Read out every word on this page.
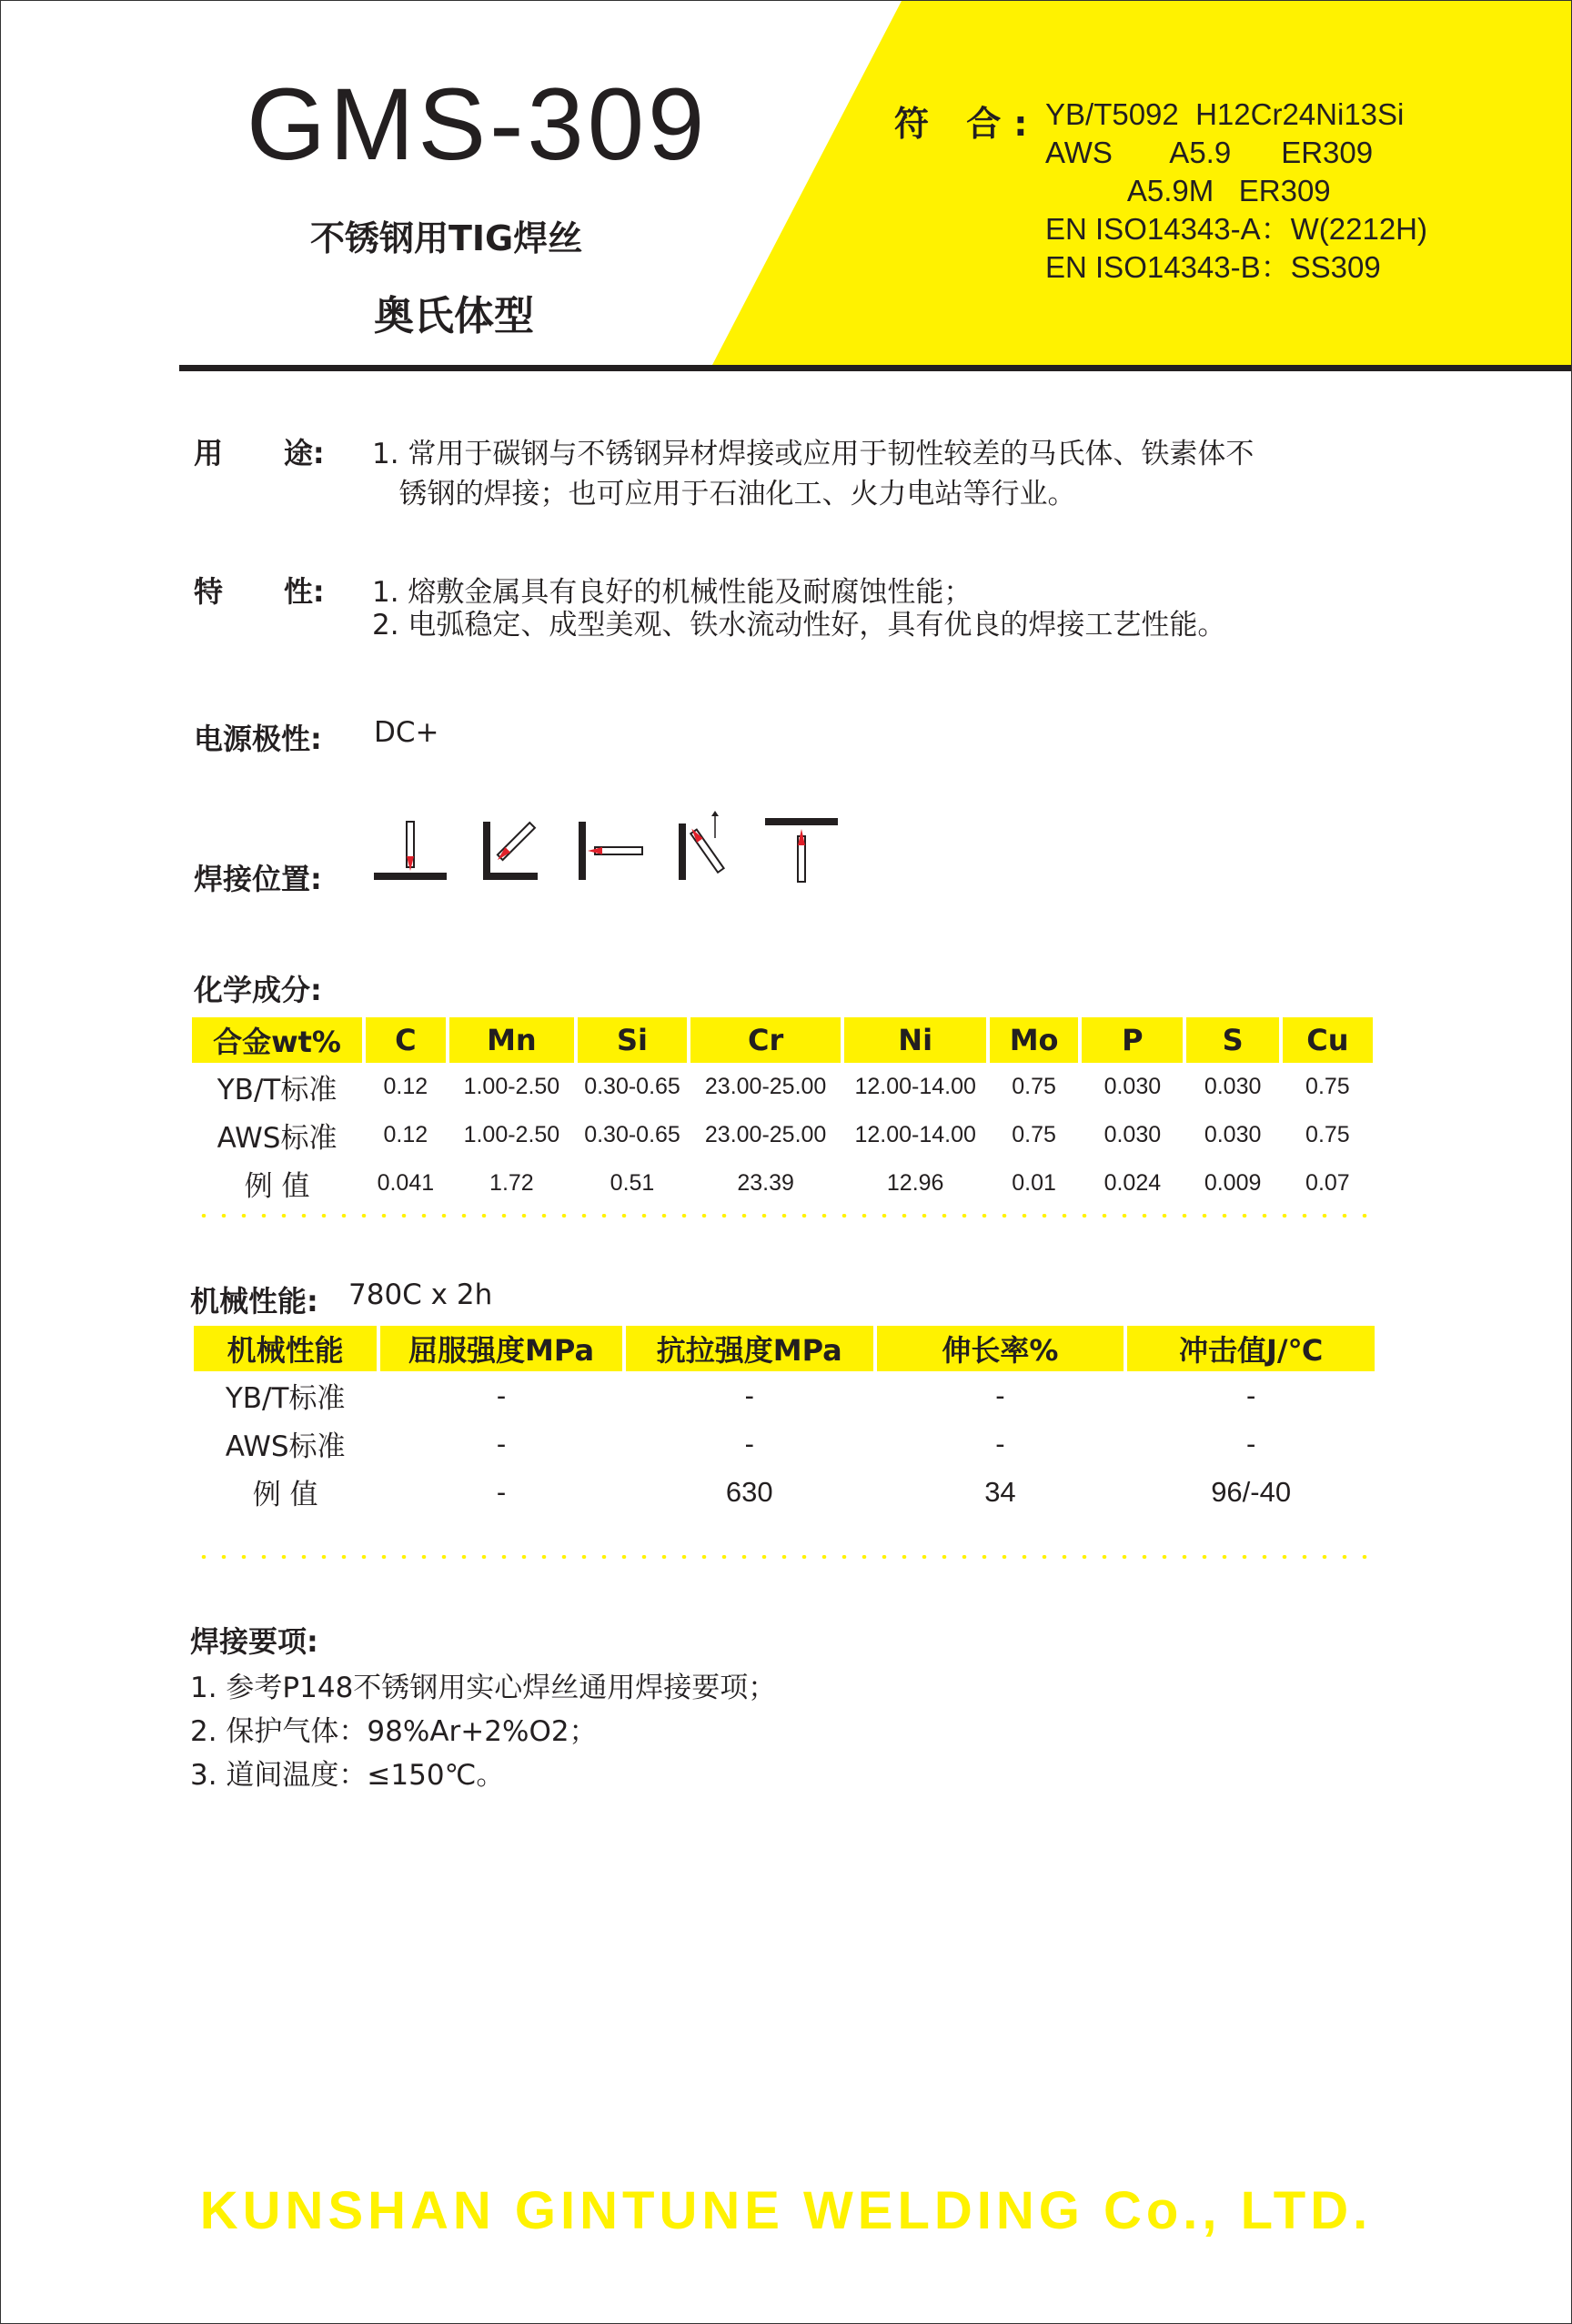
GMS-309
不锈钢用TIG焊丝
奥氏体型
符 合: YB/T5092  H12Cr24Ni13Si
AWS       A5.9      ER309
A5.9M   ER309
EN ISO14343-A：W(2212H)
EN ISO14343-B：SS309
用      途: 1. 常用于碳钢与不锈钢异材焊接或应用于韧性较差的马氏体、铁素体不
锈钢的焊接；也可应用于石油化工、火力电站等行业。
特      性: 1. 熔敷金属具有良好的机械性能及耐腐蚀性能；
2. 电弧稳定、成型美观、铁水流动性好，具有优良的焊接工艺性能。
电源极性: DC+
焊接位置:
化学成分:
合金wt%	C	Mn	Si	Cr	Ni	Mo	P	S	Cu
YB/T标准	0.12	1.00-2.50	0.30-0.65	23.00-25.00	12.00-14.00	0.75	0.030	0.030	0.75
AWS标准	0.12	1.00-2.50	0.30-0.65	23.00-25.00	12.00-14.00	0.75	0.030	0.030	0.75
例 值	0.041	1.72	0.51	23.39	12.96	0.01	0.024	0.009	0.07
机械性能: 780C x 2h
机械性能	屈服强度MPa	抗拉强度MPa	伸长率%	冲击值J/℃
YB/T标准	-	-	-	-
AWS标准	-	-	-	-
例 值	-	630	34	96/-40
焊接要项:
1. 参考P148不锈钢用实心焊丝通用焊接要项；
2. 保护气体：98%Ar+2%O2；
3. 道间温度：≤150℃。
KUNSHAN GINTUNE WELDING Co., LTD.
